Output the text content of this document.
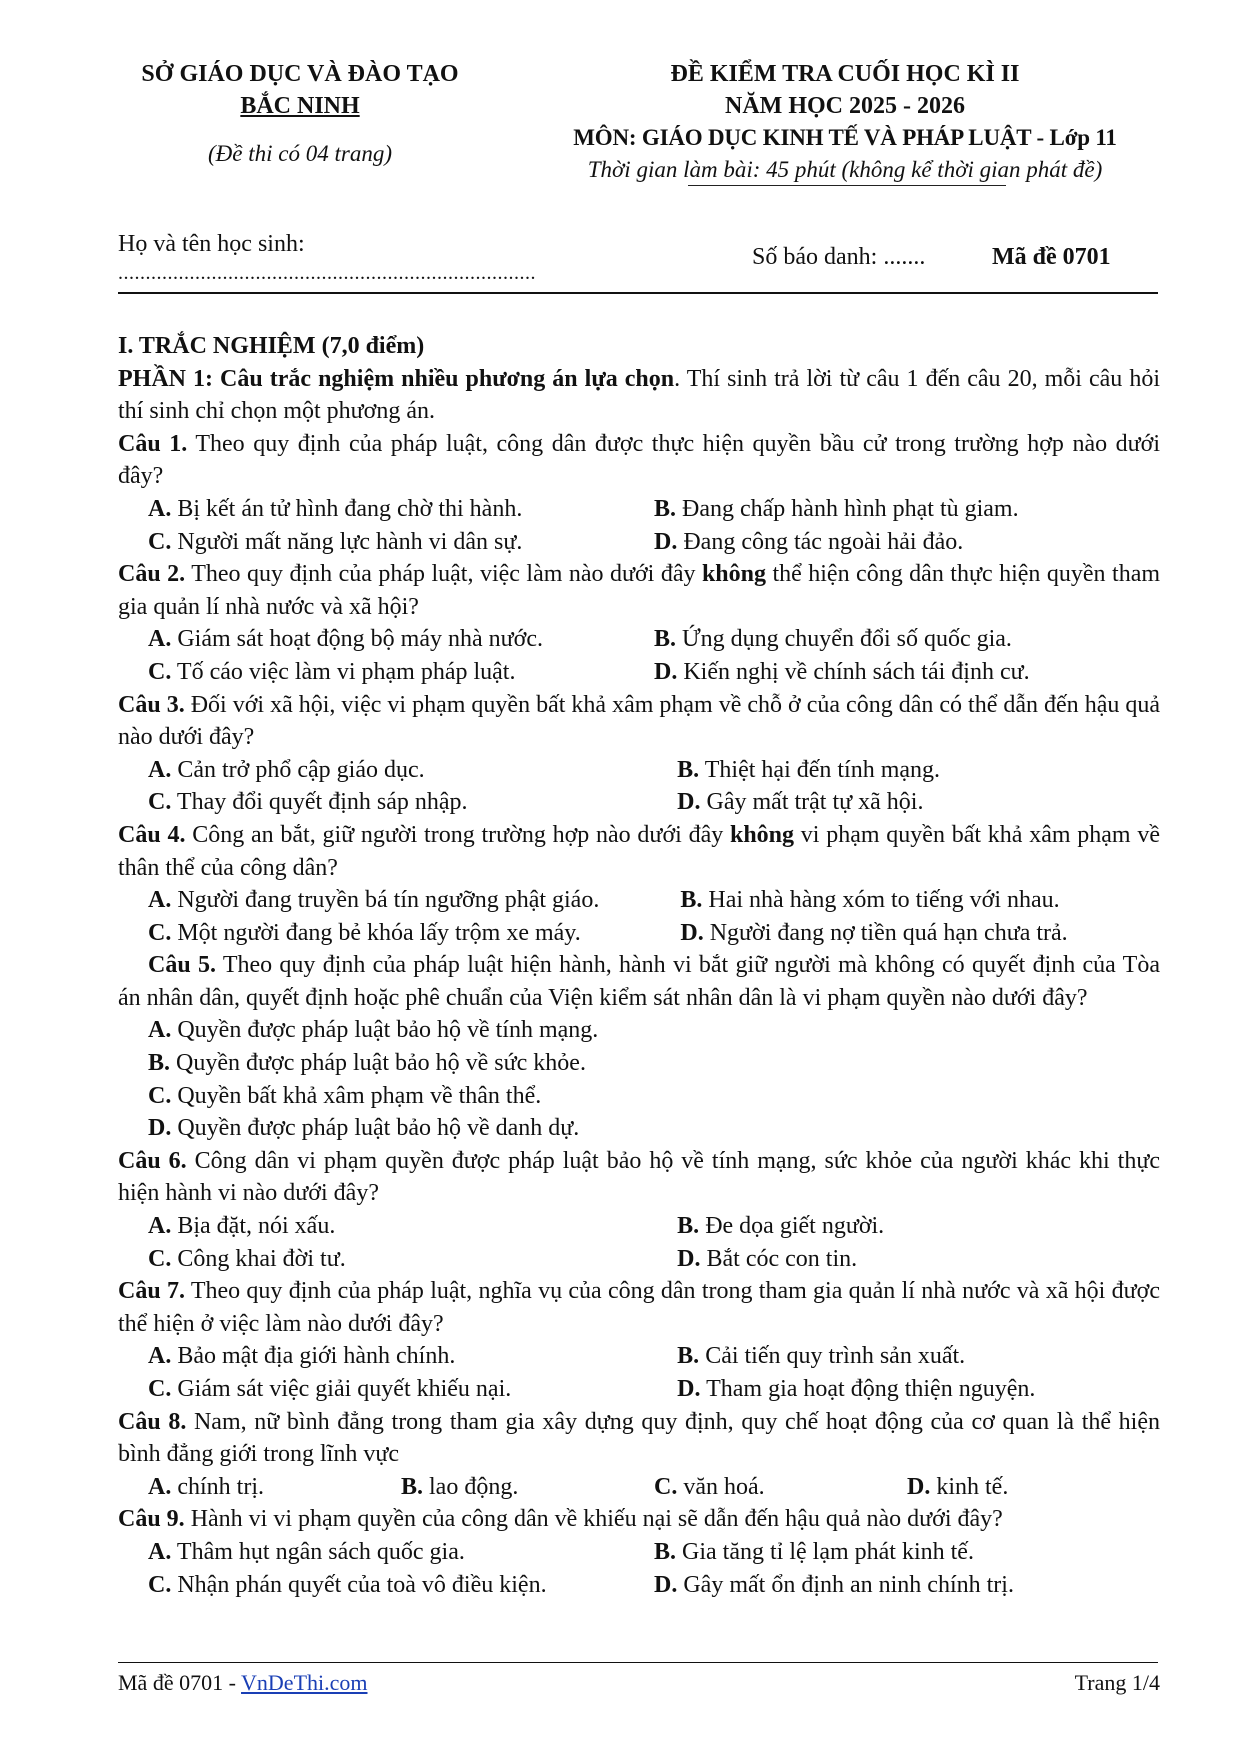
SỞ GIÁO DỤC VÀ ĐÀO TẠO
BẮC NINH
(Đề thi có 04 trang)
ĐỀ KIỂM TRA CUỐI HỌC KÌ II
NĂM HỌC 2025 - 2026
MÔN: GIÁO DỤC KINH TẾ VÀ PHÁP LUẬT - Lớp 11
Thời gian làm bài: 45 phút (không kể thời gian phát đề)
Họ và tên học sinh:
............................................................................
Số báo danh: .......	Mã đề 0701

I. TRẮC NGHIỆM (7,0 điểm)

PHẦN 1: Câu trắc nghiệm nhiều phương án lựa chọn. Thí sinh trả lời từ câu 1 đến câu 20, mỗi câu hỏi thí sinh chỉ chọn một phương án.

Câu 1. Theo quy định của pháp luật, công dân được thực hiện quyền bầu cử trong trường hợp nào dưới đây?

A. Bị kết án tử hình đang chờ thi hành.	B. Đang chấp hành hình phạt tù giam.
C. Người mất năng lực hành vi dân sự.	D. Đang công tác ngoài hải đảo.

Câu 2. Theo quy định của pháp luật, việc làm nào dưới đây không thể hiện công dân thực hiện quyền tham gia quản lí nhà nước và xã hội?

A. Giám sát hoạt động bộ máy nhà nước.	B. Ứng dụng chuyển đổi số quốc gia.
C. Tố cáo việc làm vi phạm pháp luật.	D. Kiến nghị về chính sách tái định cư.

Câu 3. Đối với xã hội, việc vi phạm quyền bất khả xâm phạm về chỗ ở của công dân có thể dẫn đến hậu quả nào dưới đây?

A. Cản trở phổ cập giáo dục.	B. Thiệt hại đến tính mạng.
C. Thay đổi quyết định sáp nhập.	D. Gây mất trật tự xã hội.

Câu 4. Công an bắt, giữ người trong trường hợp nào dưới đây không vi phạm quyền bất khả xâm phạm về thân thể của công dân?

A. Người đang truyền bá tín ngưỡng phật giáo.	B. Hai nhà hàng xóm to tiếng với nhau.
C. Một người đang bẻ khóa lấy trộm xe máy.	D. Người đang nợ tiền quá hạn chưa trả.

Câu 5. Theo quy định của pháp luật hiện hành, hành vi bắt giữ người mà không có quyết định của Tòa án nhân dân, quyết định hoặc phê chuẩn của Viện kiểm sát nhân dân là vi phạm quyền nào dưới đây?

A. Quyền được pháp luật bảo hộ về tính mạng.
B. Quyền được pháp luật bảo hộ về sức khỏe.
C. Quyền bất khả xâm phạm về thân thể.
D. Quyền được pháp luật bảo hộ về danh dự.

Câu 6. Công dân vi phạm quyền được pháp luật bảo hộ về tính mạng, sức khỏe của người khác khi thực hiện hành vi nào dưới đây?

A. Bịa đặt, nói xấu.	B. Đe dọa giết người.
C. Công khai đời tư.	D. Bắt cóc con tin.

Câu 7. Theo quy định của pháp luật, nghĩa vụ của công dân trong tham gia quản lí nhà nước và xã hội được thể hiện ở việc làm nào dưới đây?

A. Bảo mật địa giới hành chính.	B. Cải tiến quy trình sản xuất.
C. Giám sát việc giải quyết khiếu nại.	D. Tham gia hoạt động thiện nguyện.

Câu 8. Nam, nữ bình đẳng trong tham gia xây dựng quy định, quy chế hoạt động của cơ quan là thể hiện bình đẳng giới trong lĩnh vực

A. chính trị.	B. lao động.	C. văn hoá.	D. kinh tế.

Câu 9. Hành vi vi phạm quyền của công dân về khiếu nại sẽ dẫn đến hậu quả nào dưới đây?

A. Thâm hụt ngân sách quốc gia.	B. Gia tăng tỉ lệ lạm phát kinh tế.
C. Nhận phán quyết của toà vô điều kiện.	D. Gây mất ổn định an ninh chính trị.
Mã đề 0701 - VnDeThi.com	Trang 1/4
